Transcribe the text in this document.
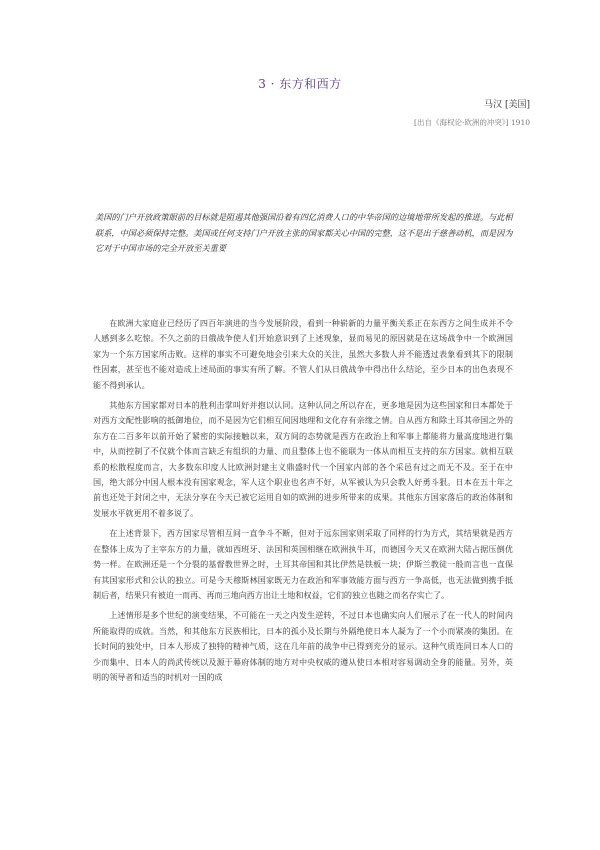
3 · 东方和西方
马汉 [美国]
[出自《海权论·欧洲的冲突》] 1910
美国的门户开放政策眼前的目标就是阻遏其他强国沿着有四亿消费人口的中华帝国的边境地带所发起的推进。与此相联系，中国必须保持完整。美国或任何支持门户开放主张的国家都关心中国的完整，这不是出于慈善动机，而是因为它对于中国市场的完全开放至关重要

在欧洲大家庭业已经历了四百年演进的当今发展阶段，看到一种崭新的力量平衡关系正在东西方之间生成并不令人感到多么吃惊。不久之前的日俄战争使人们开始意识到了上述现象，显而易见的原因就是在这场战争中一个欧洲国家为一个东方国家所击败。这样的事实不可避免地会引来大众的关注，虽然大多数人并不能透过表象看到其下的限制性因素，甚至也不能对造成上述局面的事实有所了解。不管人们从日俄战争中得出什么结论，至少日本的出色表现不能不得到承认。

其他东方国家都对日本的胜利击掌叫好并抱以认同。这种认同之所以存在，更多地是因为这些国家和日本都处于对西方文配性影响的抵御地位，而不是因为它们相互间因地理和文化存有亲缘之情。自从西方和除土耳其帝国之外的东方在二百多年以前开始了紧密的实际接触以来，双方间的态势就是西方在政治上和军事上都能将力量高度地进行集中，从而控制了不仅就个体而言缺乏有组织的力量、而且整体上也不能联为一体从而相互支持的东方国家。就相互联系的松散程度而言，大多数东印度人比欧洲封建主义鼎盛时代一个国家内部的各个采邑有过之而无不及。至于在中国，绝大部分中国人根本没有国家观念，军人这个职业也名声不好，从军被认为只会教人好勇斗狠。日本在五十年之前也还处于封闭之中，无法分享在今天已被它运用自如的欧洲的进步所带来的成果。其他东方国家落后的政治体制和发展水平就更用不着多说了。

在上述背景下，西方国家尽管相互间一直争斗不断，但对于远东国家则采取了同样的行为方式，其结果就是西方在整体上成为了主宰东方的力量，就如西班牙、法国和英国相继在欧洲执牛耳，而德国今天又在欧洲大陆占据压倒优势一样。在欧洲还是一个分裂的基督教世界之时，土耳其帝国和其比伊然是铁板一块；伊斯兰教徒一般而言也一直保有其国家形式和公认的独立。可是今天穆斯林国家既无力在政治和军事效能方面与西方一争高低，也无法做到携手抵制后者，结果只有被迫一而再、再而三地向西方出让土地和权益，它们的独立也随之而名存实亡了。

上述情形是多个世纪的演变结果，不可能在一天之内发生逆转，不过日本也确实向人们展示了在一代人的时间内所能取得的成就。当然，和其他东方民族相比，日本的孤小及长期与外隔绝使日本人凝为了一个小而紧凑的集团。在长时间的独处中，日本人形成了独特的精神气质，这在几年前的战争中已得到充分的显示。这种气质连同日本人口的少而集中、日本人的尚武传统以及源于幕府体制的地方对中央权威的遵从使日本相对容易调动全身的能量。另外，英明的领导者和适当的时机对一国的成
